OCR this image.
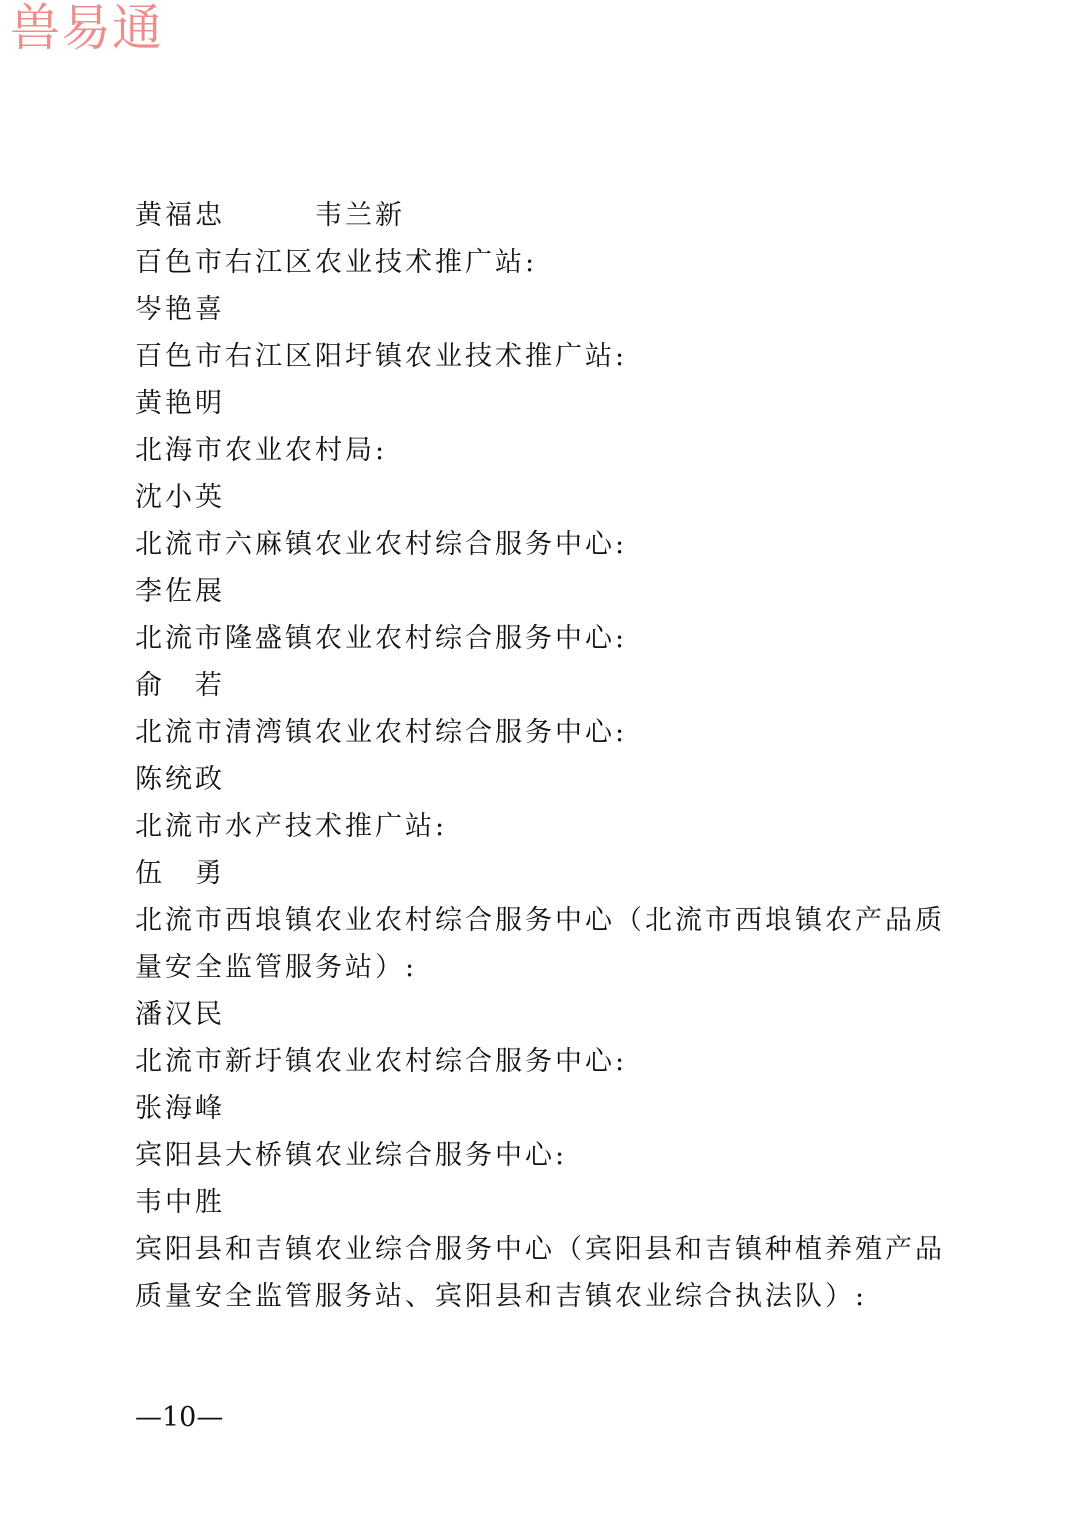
兽易通
黄福忠　　　韦兰新
百色市右江区农业技术推广站:
岑艳喜
百色市右江区阳圩镇农业技术推广站:
黄艳明
北海市农业农村局:
沈小英
北流市六麻镇农业农村综合服务中心:
李佐展
北流市隆盛镇农业农村综合服务中心:
俞　若
北流市清湾镇农业农村综合服务中心:
陈统政
北流市水产技术推广站:
伍　勇
北流市西埌镇农业农村综合服务中心（北流市西埌镇农产品质
量安全监管服务站）:
潘汉民
北流市新圩镇农业农村综合服务中心:
张海峰
宾阳县大桥镇农业综合服务中心:
韦中胜
宾阳县和吉镇农业综合服务中心（宾阳县和吉镇种植养殖产品
质量安全监管服务站、宾阳县和吉镇农业综合执法队）:
—10—
